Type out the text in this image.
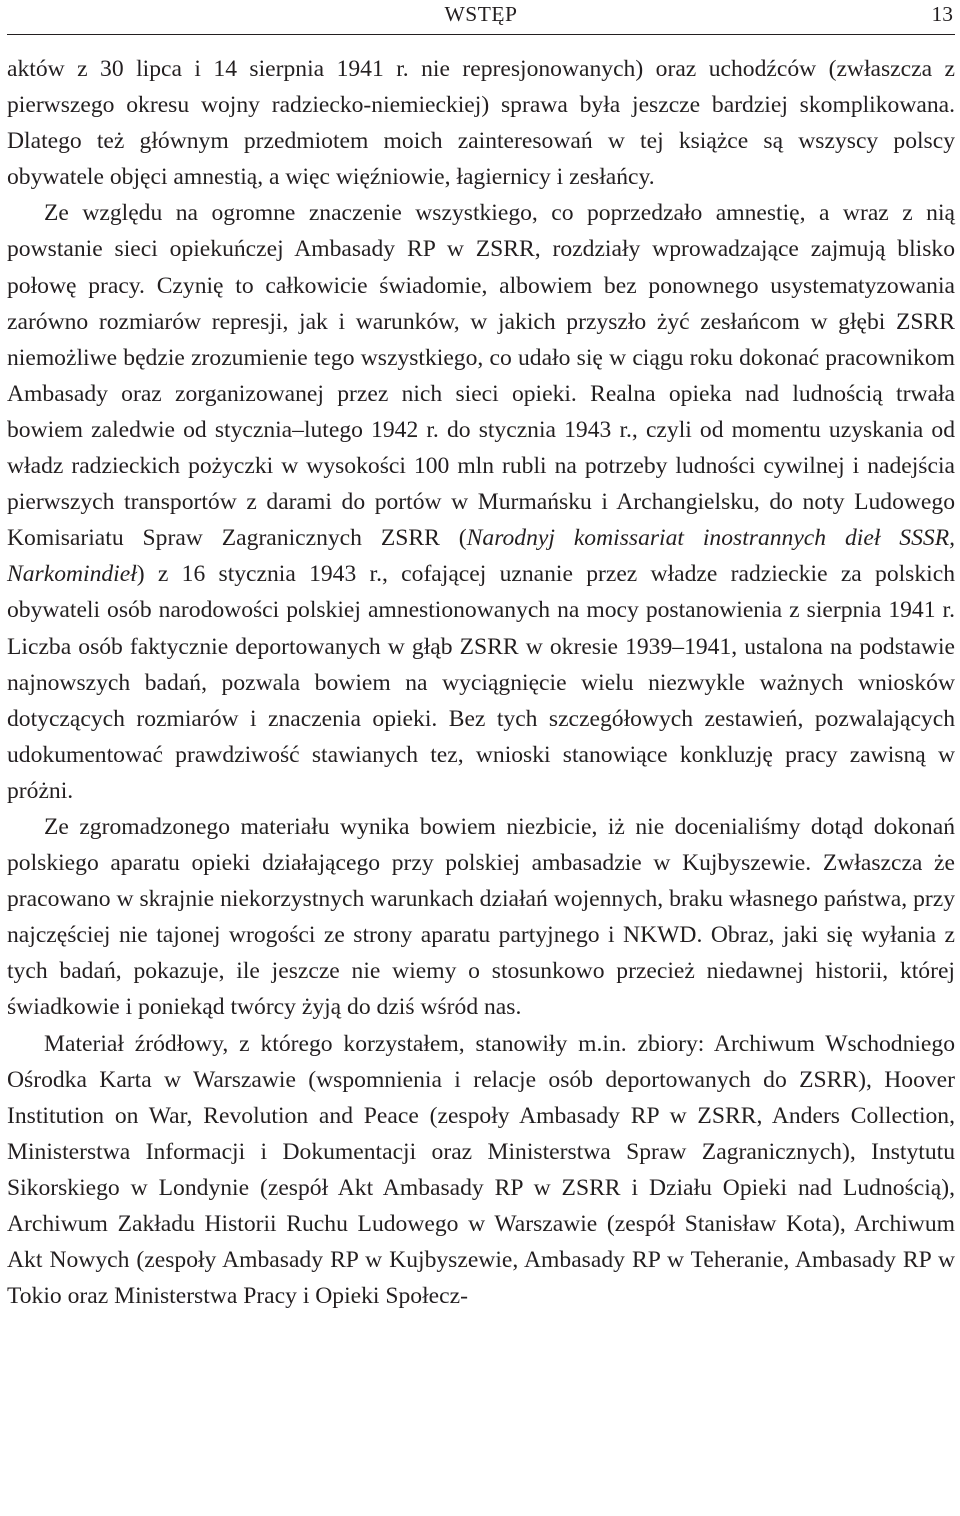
WSTĘP	13

aktów z 30 lipca i 14 sierpnia 1941 r. nie represjonowanych) oraz uchodźców (zwłaszcza z pierwszego okresu wojny radziecko-niemieckiej) sprawa była jeszcze bardziej skomplikowana. Dlatego też głównym przedmiotem moich zainteresowań w tej książce są wszyscy polscy obywatele objęci amnestią, a więc więźniowie, łagiernicy i zesłańcy.

Ze względu na ogromne znaczenie wszystkiego, co poprzedzało amnestię, a wraz z nią powstanie sieci opiekuńczej Ambasady RP w ZSRR, rozdziały wprowadzające zajmują blisko połowę pracy. Czynię to całkowicie świadomie, albowiem bez ponownego usystematyzowania zarówno rozmiarów represji, jak i warunków, w jakich przyszło żyć zesłańcom w głębi ZSRR niemożliwe będzie zrozumienie tego wszystkiego, co udało się w ciągu roku dokonać pracownikom Ambasady oraz zorganizowanej przez nich sieci opieki. Realna opieka nad ludnością trwała bowiem zaledwie od stycznia–lutego 1942 r. do stycznia 1943 r., czyli od momentu uzyskania od władz radzieckich pożyczki w wysokości 100 mln rubli na potrzeby ludności cywilnej i nadejścia pierwszych transportów z darami do portów w Murmańsku i Archangielsku, do noty Ludowego Komisariatu Spraw Zagranicznych ZSRR (Narodnyj komissariat inostrannych dieł SSSR, Narkomindieł) z 16 stycznia 1943 r., cofającej uznanie przez władze radzieckie za polskich obywateli osób narodowości polskiej amnestionowanych na mocy postanowienia z sierpnia 1941 r. Liczba osób faktycznie deportowanych w głąb ZSRR w okresie 1939–1941, ustalona na podstawie najnowszych badań, pozwala bowiem na wyciągnięcie wielu niezwykle ważnych wniosków dotyczących rozmiarów i znaczenia opieki. Bez tych szczegółowych zestawień, pozwalających udokumentować prawdziwość stawianych tez, wnioski stanowiące konkluzję pracy zawisną w próżni.

Ze zgromadzonego materiału wynika bowiem niezbicie, iż nie docenialiśmy dotąd dokonań polskiego aparatu opieki działającego przy polskiej ambasadzie w Kujbyszewie. Zwłaszcza że pracowano w skrajnie niekorzystnych warunkach działań wojennych, braku własnego państwa, przy najczęściej nie tajonej wrogości ze strony aparatu partyjnego i NKWD. Obraz, jaki się wyłania z tych badań, pokazuje, ile jeszcze nie wiemy o stosunkowo przecież niedawnej historii, której świadkowie i poniekąd twórcy żyją do dziś wśród nas.

Materiał źródłowy, z którego korzystałem, stanowiły m.in. zbiory: Archiwum Wschodniego Ośrodka Karta w Warszawie (wspomnienia i relacje osób deportowanych do ZSRR), Hoover Institution on War, Revolution and Peace (zespoły Ambasady RP w ZSRR, Anders Collection, Ministerstwa Informacji i Dokumentacji oraz Ministerstwa Spraw Zagranicznych), Instytutu Sikorskiego w Londynie (zespół Akt Ambasady RP w ZSRR i Działu Opieki nad Ludnością), Archiwum Zakładu Historii Ruchu Ludowego w Warszawie (zespół Stanisław Kota), Archiwum Akt Nowych (zespoły Ambasady RP w Kujbyszewie, Ambasady RP w Teheranie, Ambasady RP w Tokio oraz Ministerstwa Pracy i Opieki Społecz-
